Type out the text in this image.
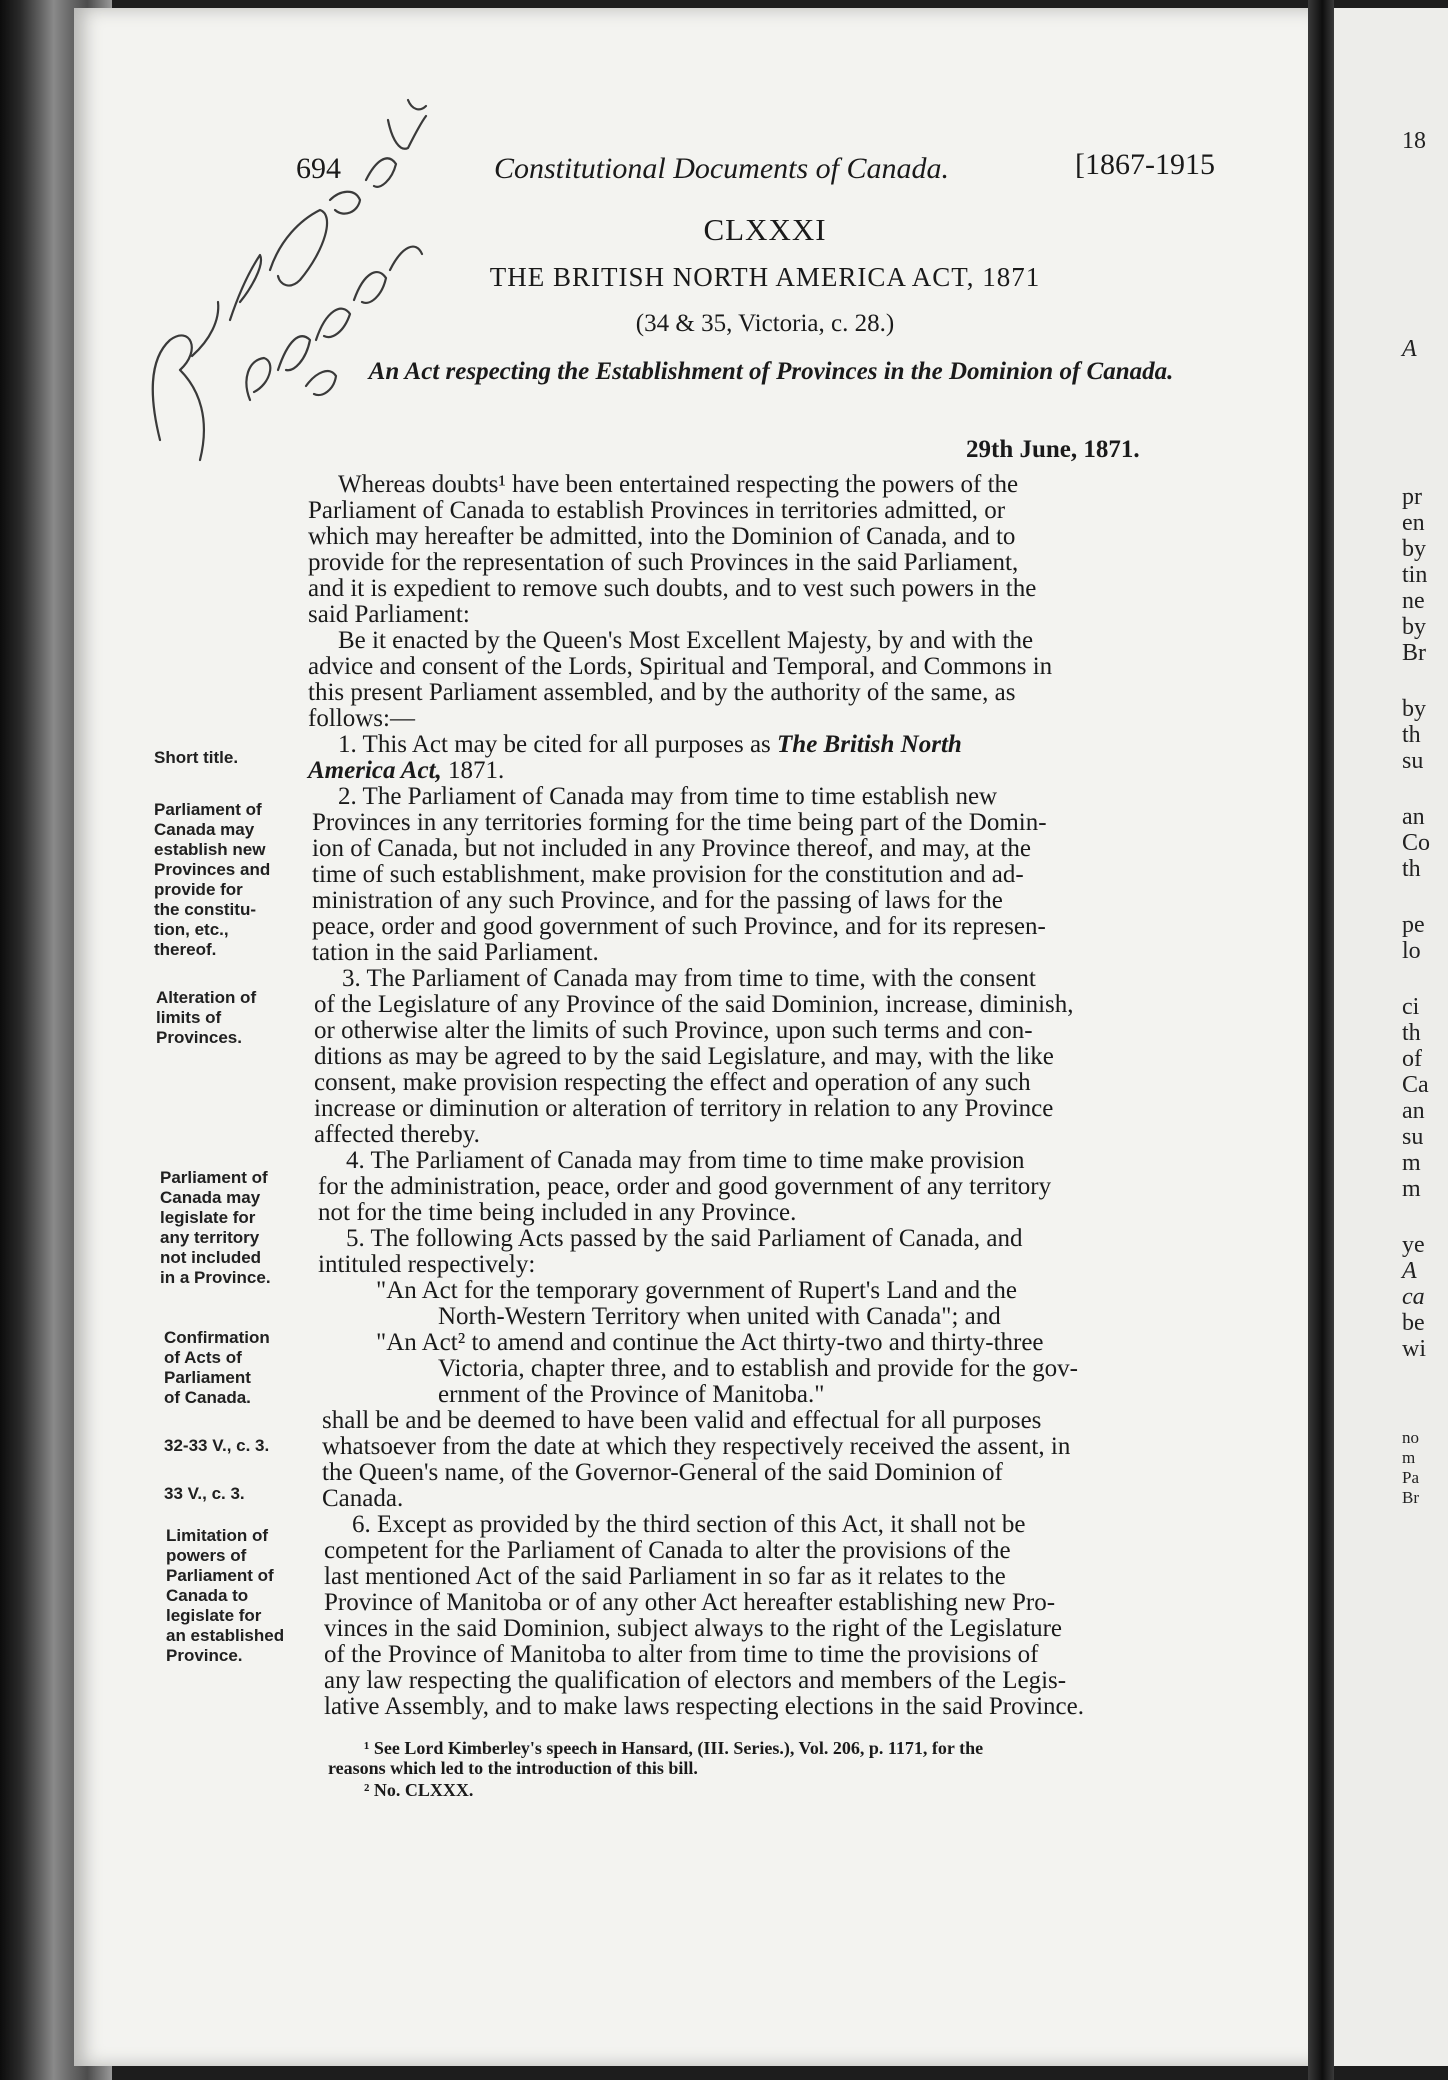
694	Constitutional Documents of Canada.	[1867-1915
CLXXXI
THE BRITISH NORTH AMERICA ACT, 1871
(34 & 35, Victoria, c. 28.)
An Act respecting the Establishment of Provinces in the Dominion of Canada.
29th June, 1871.
Whereas doubts¹ have been entertained respecting the powers of the
Parliament of Canada to establish Provinces in territories admitted, or
which may hereafter be admitted, into the Dominion of Canada, and to
provide for the representation of such Provinces in the said Parliament,
and it is expedient to remove such doubts, and to vest such powers in the
said Parliament:
Be it enacted by the Queen's Most Excellent Majesty, by and with the
advice and consent of the Lords, Spiritual and Temporal, and Commons in
this present Parliament assembled, and by the authority of the same, as
follows:—
1. This Act may be cited for all purposes as The British North
America Act, 1871.
2. The Parliament of Canada may from time to time establish new
Provinces in any territories forming for the time being part of the Domin-
ion of Canada, but not included in any Province thereof, and may, at the
time of such establishment, make provision for the constitution and ad-
ministration of any such Province, and for the passing of laws for the
peace, order and good government of such Province, and for its represen-
tation in the said Parliament.
3. The Parliament of Canada may from time to time, with the consent
of the Legislature of any Province of the said Dominion, increase, diminish,
or otherwise alter the limits of such Province, upon such terms and con-
ditions as may be agreed to by the said Legislature, and may, with the like
consent, make provision respecting the effect and operation of any such
increase or diminution or alteration of territory in relation to any Province
affected thereby.
4. The Parliament of Canada may from time to time make provision
for the administration, peace, order and good government of any territory
not for the time being included in any Province.
5. The following Acts passed by the said Parliament of Canada, and
intituled respectively:
"An Act for the temporary government of Rupert's Land and the
North-Western Territory when united with Canada"; and
"An Act² to amend and continue the Act thirty-two and thirty-three
Victoria, chapter three, and to establish and provide for the gov-
ernment of the Province of Manitoba."
shall be and be deemed to have been valid and effectual for all purposes
whatsoever from the date at which they respectively received the assent, in
the Queen's name, of the Governor-General of the said Dominion of
Canada.
6. Except as provided by the third section of this Act, it shall not be
competent for the Parliament of Canada to alter the provisions of the
last mentioned Act of the said Parliament in so far as it relates to the
Province of Manitoba or of any other Act hereafter establishing new Pro-
vinces in the said Dominion, subject always to the right of the Legislature
of the Province of Manitoba to alter from time to time the provisions of
any law respecting the qualification of electors and members of the Legis-
lative Assembly, and to make laws respecting elections in the said Province.
Short title.
Parliament of
Canada may
establish new
Provinces and
provide for
the constitu-
tion, etc.,
thereof.
Alteration of
limits of
Provinces.
Parliament of
Canada may
legislate for
any territory
not included
in a Province.
Confirmation
of Acts of
Parliament
of Canada.
32-33 V., c. 3.
33 V., c. 3.
Limitation of
powers of
Parliament of
Canada to
legislate for
an established
Province.
¹ See Lord Kimberley's speech in Hansard, (III. Series.), Vol. 206, p. 1171, for the
reasons which led to the introduction of this bill.
² No. CLXXX.
18
A
pr
en
by
tin
ne
by
Br
by
th
su
an
Co
th
pe
lo
ci
th
of
Ca
an
su
m
m
ye
A
ca
be
wi
no
m
Pa
Br
